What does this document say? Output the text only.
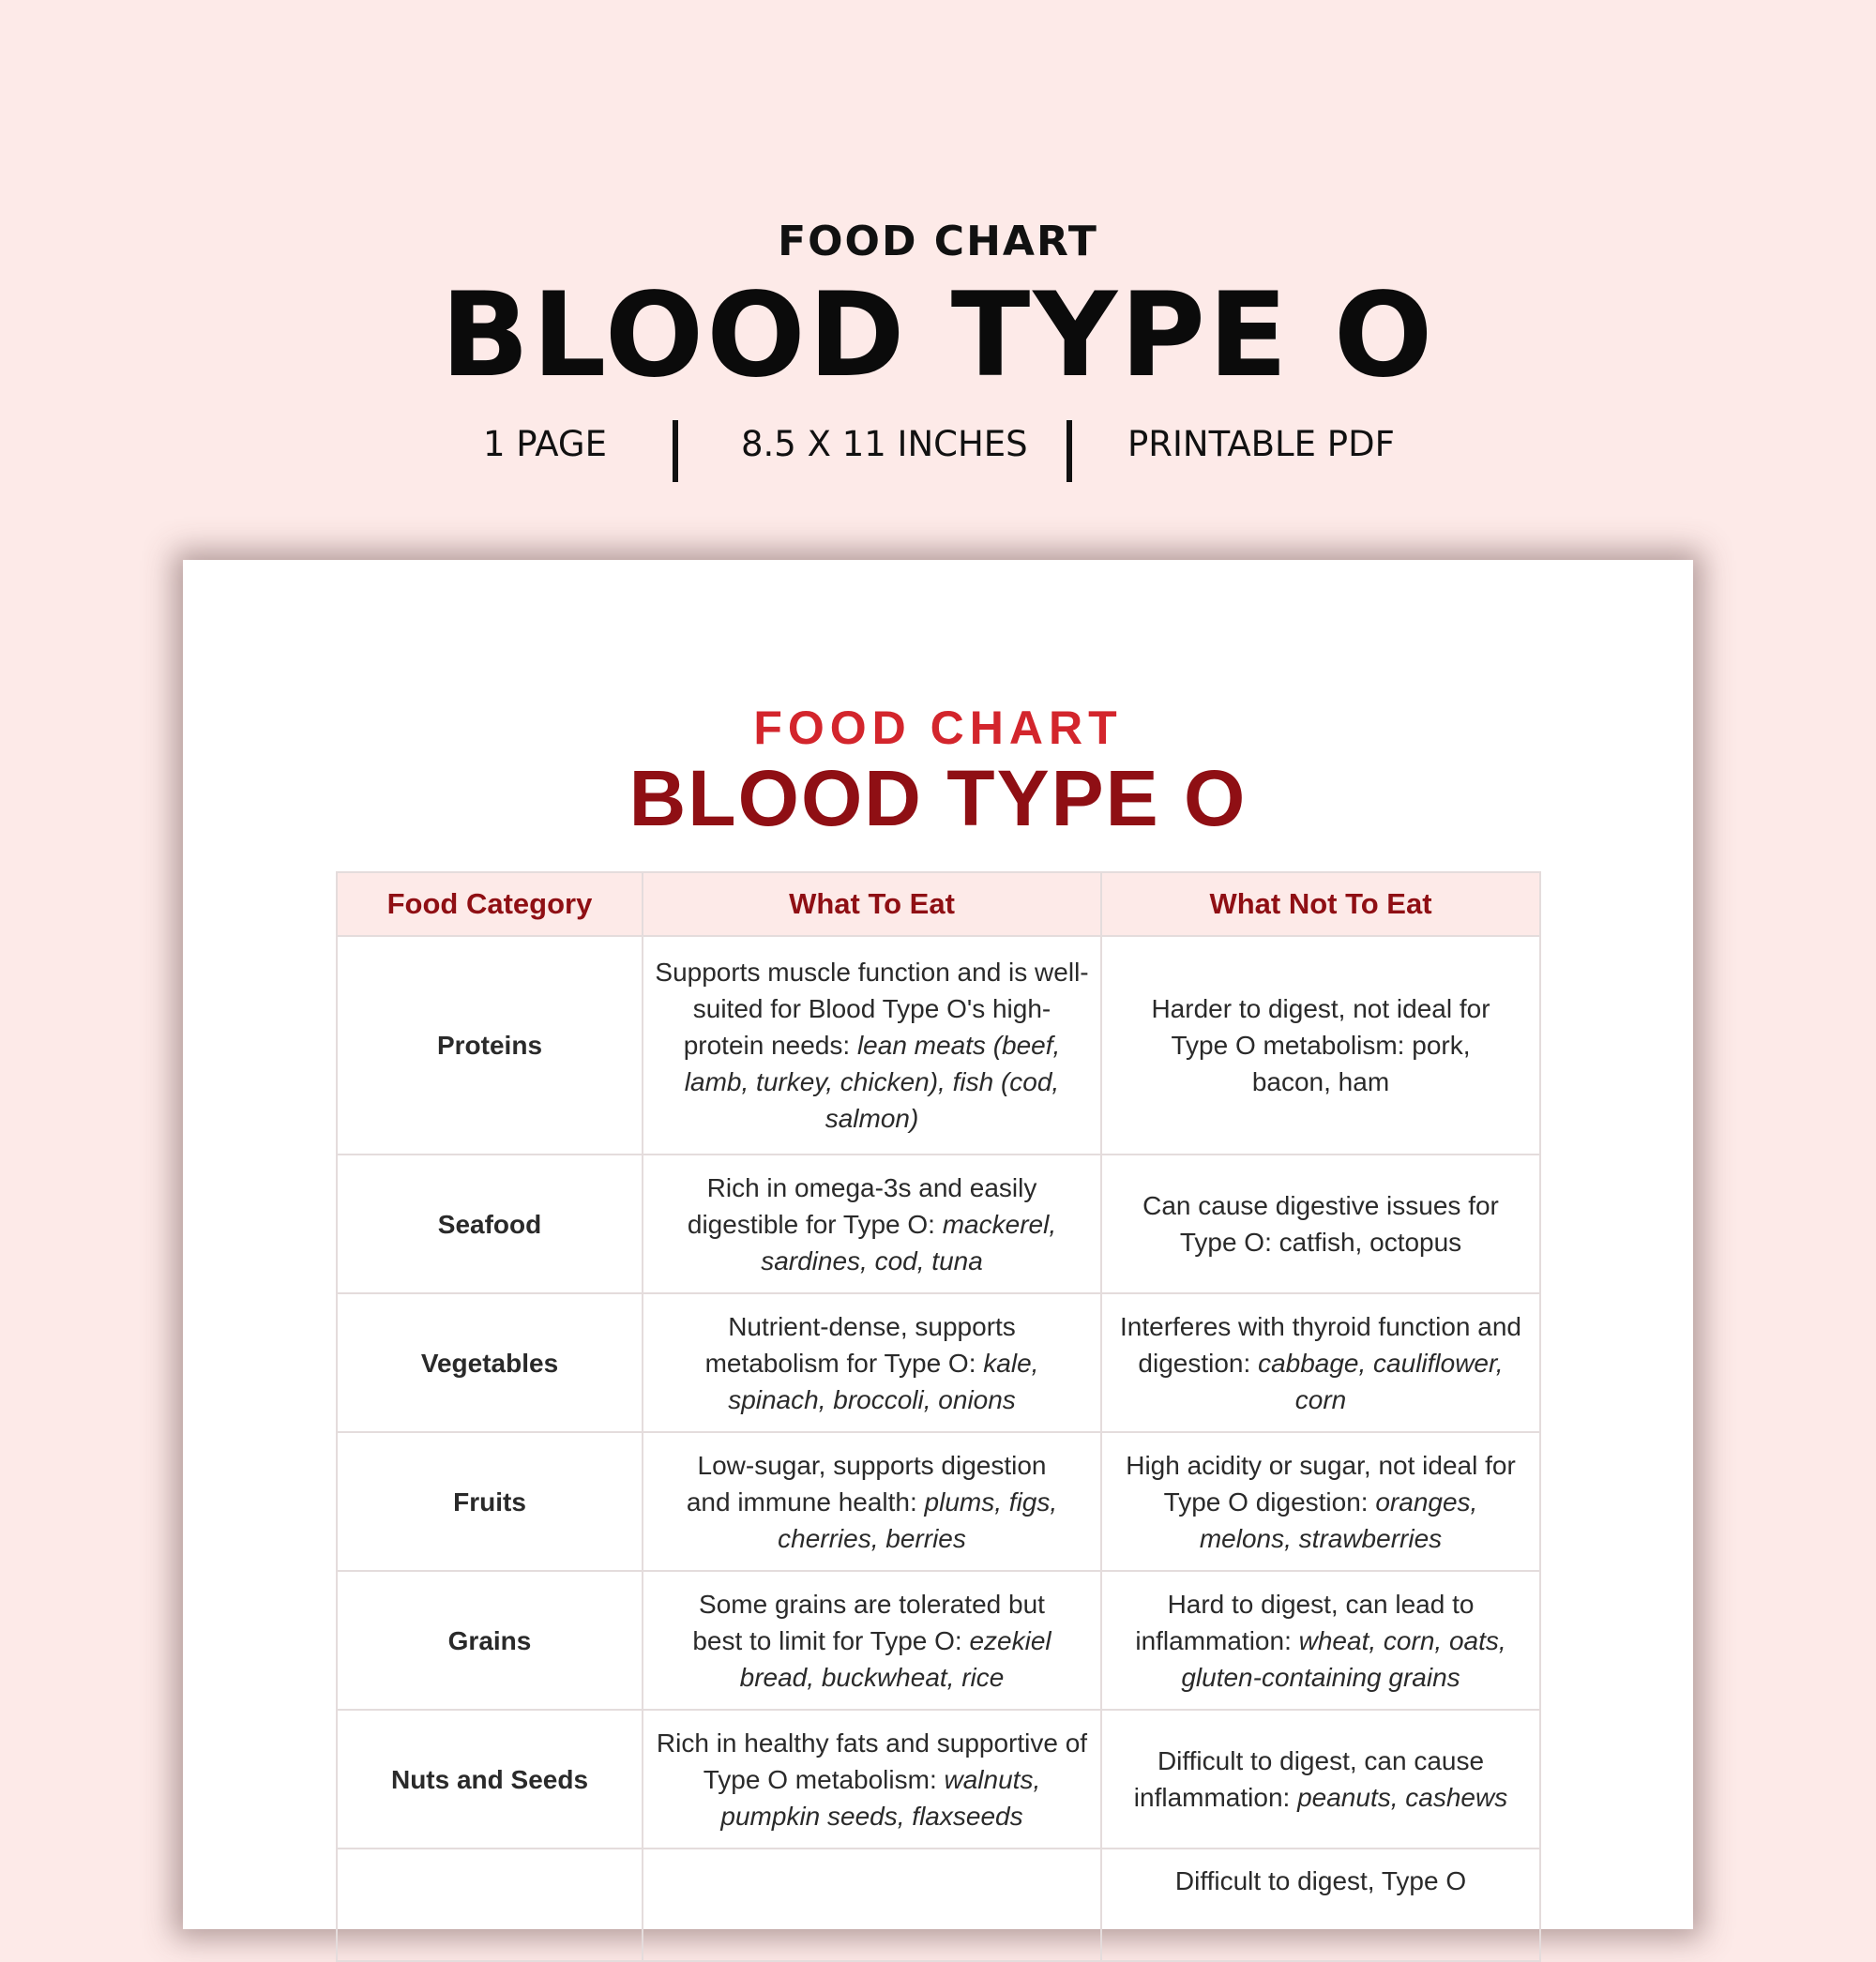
FOOD CHART
BLOOD TYPE O
1 PAGE	8.5 X 11 INCHES	PRINTABLE PDF
FOOD CHART
BLOOD TYPE O
Food Category	What To Eat	What Not To Eat
Proteins	Supports muscle function and is well-suited for Blood Type O's high-protein needs: lean meats (beef, lamb, turkey, chicken), fish (cod, salmon)	Harder to digest, not ideal for Type O metabolism: pork, bacon, ham
Seafood	Rich in omega-3s and easily digestible for Type O: mackerel, sardines, cod, tuna	Can cause digestive issues for Type O: catfish, octopus
Vegetables	Nutrient-dense, supports metabolism for Type O: kale, spinach, broccoli, onions	Interferes with thyroid function and digestion: cabbage, cauliflower, corn
Fruits	Low-sugar, supports digestion and immune health: plums, figs, cherries, berries	High acidity or sugar, not ideal for Type O digestion: oranges, melons, strawberries
Grains	Some grains are tolerated but best to limit for Type O: ezekiel bread, buckwheat, rice	Hard to digest, can lead to inflammation: wheat, corn, oats, gluten-containing grains
Nuts and Seeds	Rich in healthy fats and supportive of Type O metabolism: walnuts, pumpkin seeds, flaxseeds	Difficult to digest, can cause inflammation: peanuts, cashews
		Difficult to digest, Type O
